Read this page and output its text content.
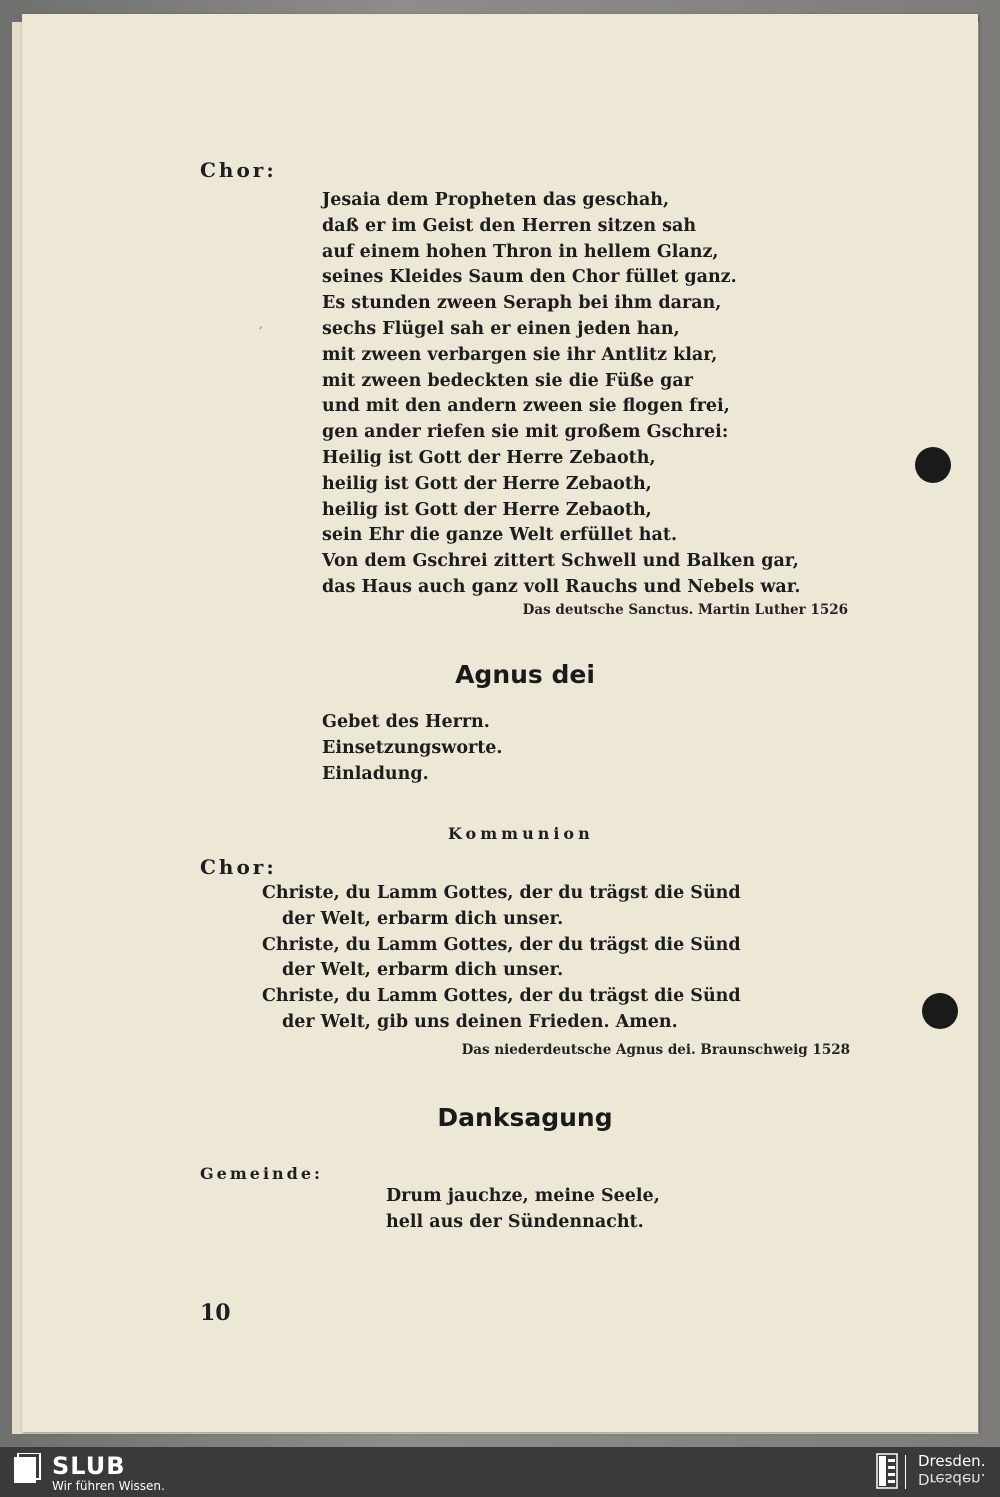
,
Chor:
Jesaia dem Propheten das geschah,
daß er im Geist den Herren sitzen sah
auf einem hohen Thron in hellem Glanz,
seines Kleides Saum den Chor füllet ganz.
Es stunden zween Seraph bei ihm daran,
sechs Flügel sah er einen jeden han,
mit zween verbargen sie ihr Antlitz klar,
mit zween bedeckten sie die Füße gar
und mit den andern zween sie flogen frei,
gen ander riefen sie mit großem Gschrei:
Heilig ist Gott der Herre Zebaoth,
heilig ist Gott der Herre Zebaoth,
heilig ist Gott der Herre Zebaoth,
sein Ehr die ganze Welt erfüllet hat.
Von dem Gschrei zittert Schwell und Balken gar,
das Haus auch ganz voll Rauchs und Nebels war.
Das deutsche Sanctus. Martin Luther 1526
Agnus dei
Gebet des Herrn.
Einsetzungsworte.
Einladung.
Kommunion
Chor:
Christe, du Lamm Gottes, der du trägst die Sünd
der Welt, erbarm dich unser.
Christe, du Lamm Gottes, der du trägst die Sünd
der Welt, erbarm dich unser.
Christe, du Lamm Gottes, der du trägst die Sünd
der Welt, gib uns deinen Frieden. Amen.
Das niederdeutsche Agnus dei. Braunschweig 1528
Danksagung
Gemeinde:
Drum jauchze, meine Seele,
hell aus der Sündennacht.
10
SLUB
Wir führen Wissen.
Dresden.
Dresden.
